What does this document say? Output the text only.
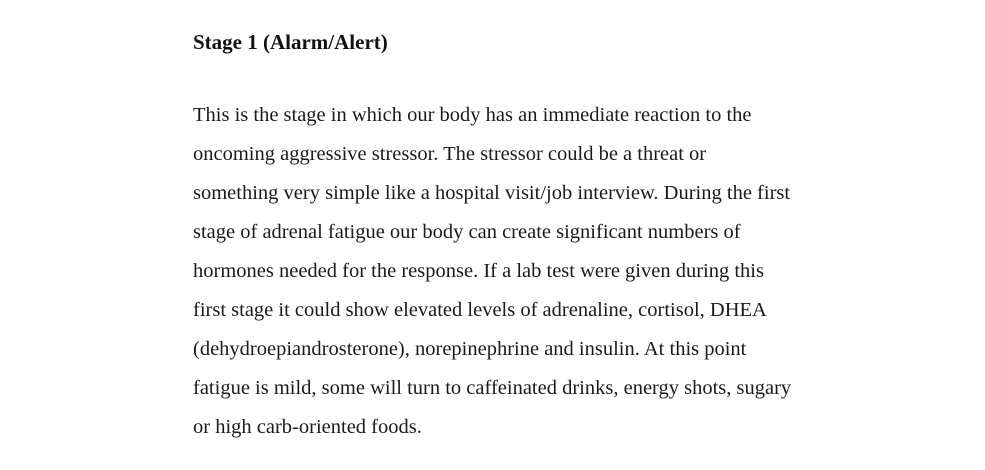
Stage 1 (Alarm/Alert)

This is the stage in which our body has an immediate reaction to the
oncoming aggressive stressor. The stressor could be a threat or
something very simple like a hospital visit/job interview. During the first
stage of adrenal fatigue our body can create significant numbers of
hormones needed for the response. If a lab test were given during this
first stage it could show elevated levels of adrenaline, cortisol, DHEA
(dehydroepiandrosterone), norepinephrine and insulin. At this point
fatigue is mild, some will turn to caffeinated drinks, energy shots, sugary
or high carb-oriented foods.
